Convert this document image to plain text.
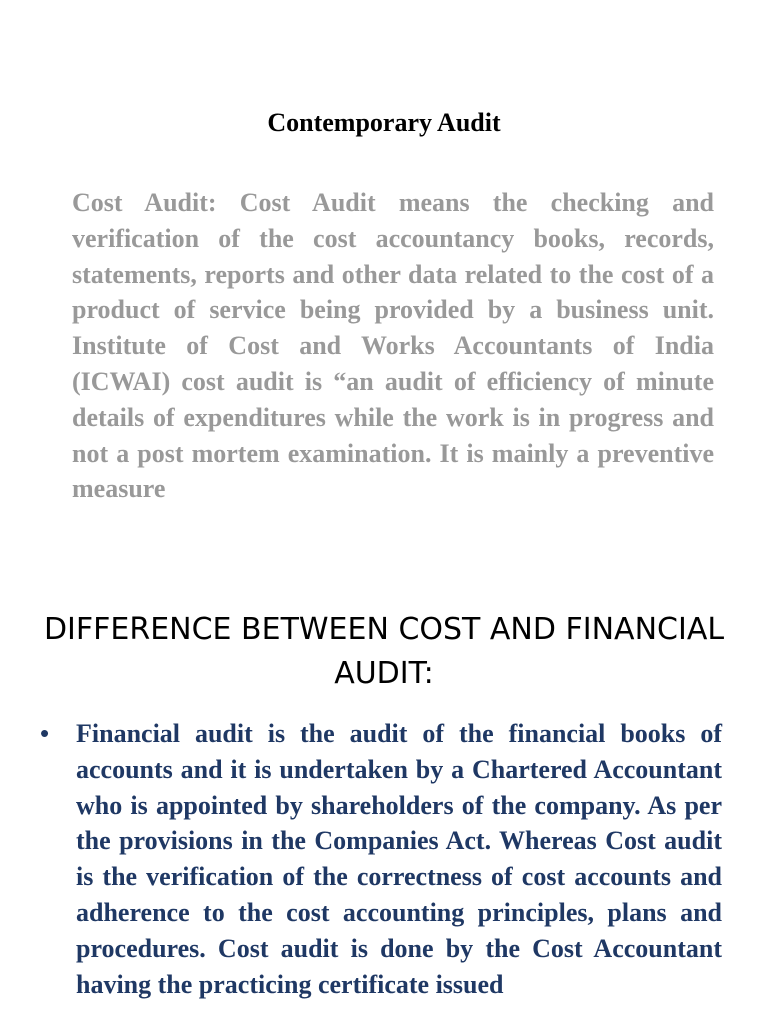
Contemporary Audit

Cost Audit: Cost Audit means the checking and verification of the cost accountancy books, records, statements, reports and other data related to the cost of a product of service being provided by a business unit. Institute of Cost and Works Accountants of India (ICWAI) cost audit is “an audit of efficiency of minute details of expenditures while the work is in progress and not a post mortem examination. It is mainly a preventive measure

DIFFERENCE BETWEEN COST AND FINANCIAL AUDIT:
•	Financial audit is the audit of the financial books of accounts and it is undertaken by a Chartered Accountant who is appointed by shareholders of the company. As per the provisions in the Companies Act. Whereas Cost audit is the verification of the correctness of cost accounts and adherence to the cost accounting principles, plans and procedures. Cost audit is done by the Cost Accountant having the practicing certificate issued
